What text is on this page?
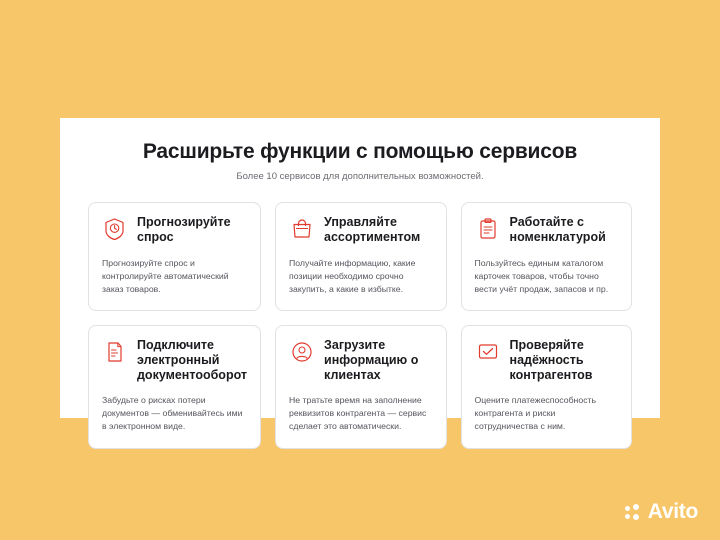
Расширьте функции с помощью сервисов
Более 10 сервисов для дополнительных возможностей.
Прогнозируйте спрос
Прогнозируйте спрос и контролируйте автоматический заказ товаров.
Управляйте ассортиментом
Получайте информацию, какие позиции необходимо срочно закупить, а какие в избытке.
Работайте с номенклатурой
Пользуйтесь единым каталогом карточек товаров, чтобы точно вести учёт продаж, запасов и пр.
Подключите электронный документооборот
Забудьте о рисках потери документов — обменивайтесь ими в электронном виде.
Загрузите информацию о клиентах
Не тратьте время на заполнение реквизитов контрагента — сервис сделает это автоматически.
Проверяйте надёжность контрагентов
Оцените платежеспособность контрагента и риски сотрудничества с ним.
Avito
